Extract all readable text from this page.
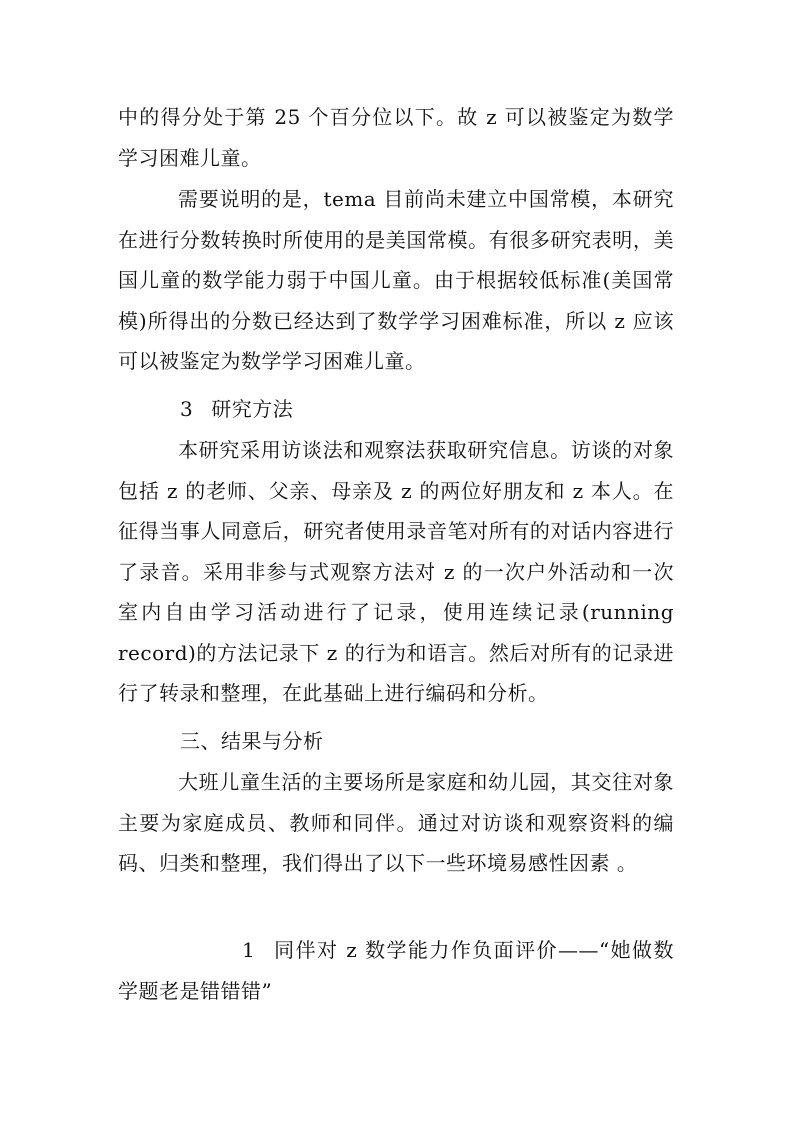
中的得分处于第 25 个百分位以下。故 z 可以被鉴定为数学学习困难儿童。

需要说明的是，tema 目前尚未建立中国常模，本研究在进行分数转换时所使用的是美国常模。有很多研究表明，美国儿童的数学能力弱于中国儿童。由于根据较低标准(美国常模)所得出的分数已经达到了数学学习困难标准，所以 z 应该可以被鉴定为数学学习困难儿童。

3 研究方法

本研究采用访谈法和观察法获取研究信息。访谈的对象包括 z 的老师、父亲、母亲及 z 的两位好朋友和 z 本人。在征得当事人同意后，研究者使用录音笔对所有的对话内容进行了录音。采用非参与式观察方法对 z 的一次户外活动和一次室内自由学习活动进行了记录，使用连续记录(running record)的方法记录下 z 的行为和语言。然后对所有的记录进行了转录和整理，在此基础上进行编码和分析。

三、结果与分析

大班儿童生活的主要场所是家庭和幼儿园，其交往对象主要为家庭成员、教师和同伴。通过对访谈和观察资料的编码、归类和整理，我们得出了以下一些环境易感性因素 。

1 同伴对 z 数学能力作负面评价——“她做数学题老是错错错”
